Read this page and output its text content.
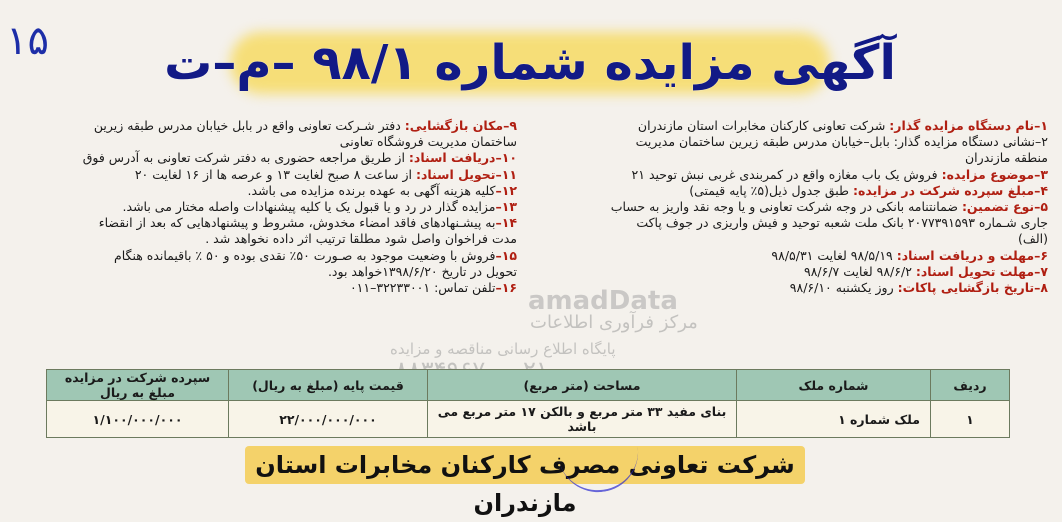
۱۵ آگهی مزایده شماره ۹۸/۱ –م–ت
۱–نام دستگاه مزایده گذار: شرکت تعاونی کارکنان مخابرات استان مازندران
۲–نشانی دستگاه مزایده گذار: بابل–خیابان مدرس طبقه زیرین ساختمان مدیریت
منطقه مازندران
۳–موضوع مزایده: فروش یک باب مغازه واقع در کمربندی غربی نبش توحید ۲۱
۴–مبلغ سپرده شرکت در مزایده: طبق جدول ذیل(۵٪ پایه قیمتی)
۵–نوع تضمین: ضمانتنامه بانکی در وجه شرکت تعاونی و یا وجه نقد واریز به حساب
جاری شـماره ۲۰۷۷۳۹۱۵۹۳ بانک ملت شعبه توحید و فیش واریزی در جوف پاکت
(الف)
۶–مهلت و دریافت اسناد: ۹۸/۵/۱۹ لغایت ۹۸/۵/۳۱
۷–مهلت تحویل اسناد: ۹۸/۶/۲ لغایت ۹۸/۶/۷
۸–تاریخ بازگشایی پاکات: روز یکشنبه ۹۸/۶/۱۰
۹–مکان بازگشایی: دفتر شـرکت تعاونی واقع در بابل خیابان مدرس طبقه زیرین
ساختمان مدیریت فروشگاه تعاونی
۱۰–دریافت اسناد: از طریق مراجعه حضوری به دفتر شرکت تعاونی به آدرس فوق
۱۱–تحویل اسناد: از ساعت ۸ صبح لغایت ۱۳ و عرصه ها از ۱۶ لغایت ۲۰
۱۲–کلیه هزینه آگهی به عهده برنده مزایده می باشد.
۱۳–مزایده گذار در رد و یا قبول یک یا کلیه پیشنهادات واصله مختار می باشد.
۱۴–به پیشـنهادهای فاقد امضاء مخدوش، مشروط و پیشنهادهایی که بعد از انقضاء
مدت فراخوان واصل شود مطلقا ترتیب اثر داده نخواهد شد .
۱۵–فروش با وضعیت موجود به صـورت ۵۰٪ نقدی بوده و ۵۰ ٪ باقیمانده هنگام
تحویل در تاریخ ۱۳۹۸/۶/۲۰خواهد بود.
۱۶–تلفن تماس: ۳۲۲۳۳۰۰۱–۰۱۱	amadData
مرکز فرآوری اطلاعات
پایگاه اطلاع رسانی مناقصه و مزایده
ردیف	شماره ملک	مساحت (متر مربع)	قیمت پایه (مبلغ به ریال)	سپرده شرکت در مزایده مبلغ به ریال
۱	ملک شماره ۱	بنای مفید ۳۳ متر مربع و بالکن ۱۷ متر مربع می باشد	۲۲/۰۰۰/۰۰۰/۰۰۰	۱/۱۰۰/۰۰۰/۰۰۰
شرکت تعاونی مصرف کارکنان مخابرات استان مازندران
